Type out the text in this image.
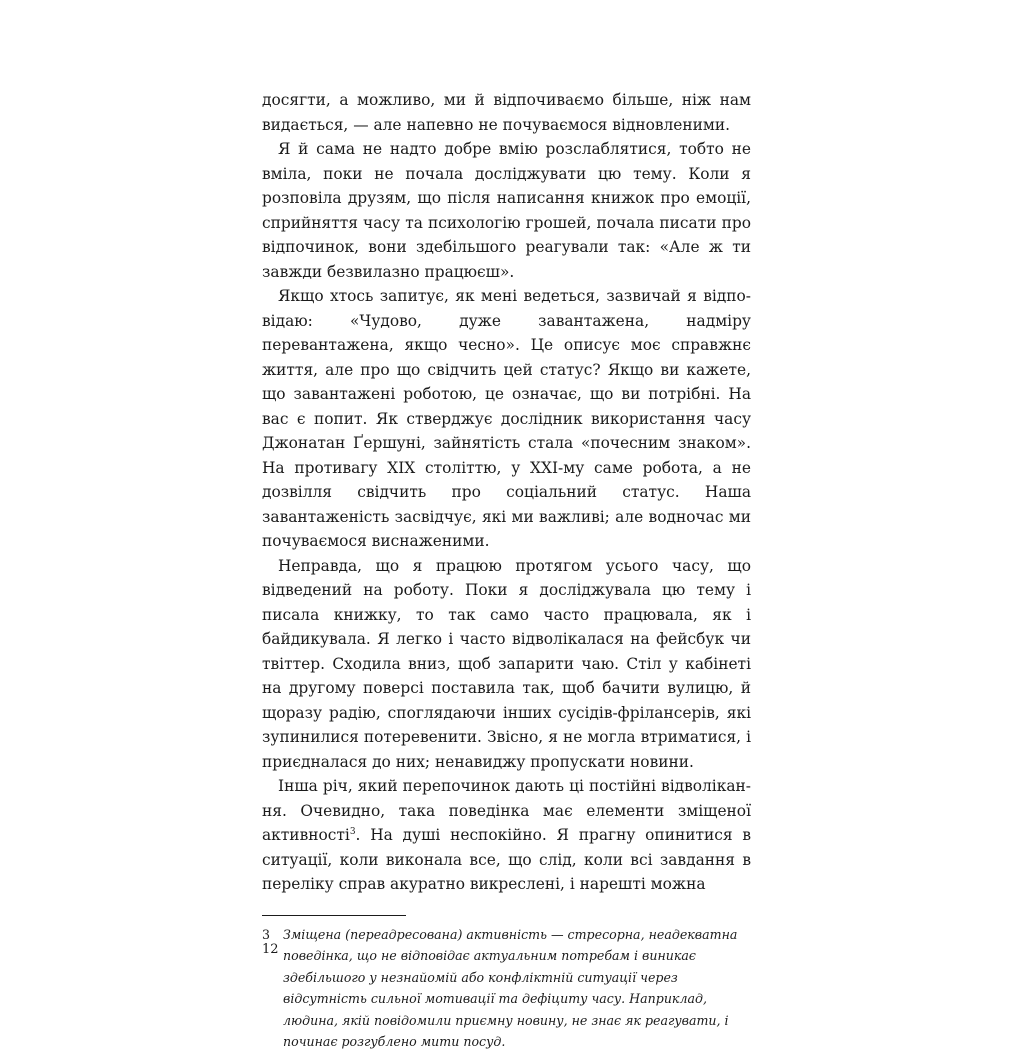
досягти, а можливо, ми й відпочиваємо більше, ніж нам видається, — але напевно не почуваємося відновленими.

Я й сама не надто добре вмію розслаблятися, тобто не вміла, поки не почала досліджувати цю тему. Коли я розповіла друзям, що після написання книжок про емоції, сприйняття часу та психологію грошей, почала писати про відпочинок, вони здебільшого реагували так: «Але ж ти завжди безвилазно працюєш».

Якщо хтось запитує, як мені ведеться, зазвичай я відповідаю: «Чудово, дуже завантажена, надміру перевантажена, якщо чесно». Це описує моє справжнє життя, але про що свідчить цей статус? Якщо ви кажете, що завантажені роботою, це означає, що ви потрібні. На вас є попит. Як стверджує дослідник використання часу Джонатан Ґершуні, зайнятість стала «почесним знаком». На противагу XIX століттю, у XXI-му саме робота, а не дозвілля свідчить про соціальний статус. Наша завантаженість засвідчує, які ми важливі; але водночас ми почуваємося виснаженими.

Неправда, що я працюю протягом усього часу, що відведений на роботу. Поки я досліджувала цю тему і писала книжку, то так само часто працювала, як і байдикувала. Я легко і часто відволікалася на фейсбук чи твіттер. Сходила вниз, щоб запарити чаю. Стіл у кабінеті на другому поверсі поставила так, щоб бачити вулицю, й щоразу радію, споглядаючи інших сусідів-фрілансерів, які зупинилися потеревенити. Звісно, я не могла втриматися, і приєдналася до них; ненавиджу пропускати новини.

Інша річ, який перепочинок дають ці постійні відволікання. Очевидно, така поведінка має елементи зміщеної активності$^3$. На душі неспокійно. Я прагну опинитися в ситуації, коли виконала все, що слід, коли всі завдання в переліку справ акуратно викреслені, і нарешті можна

3	Зміщена (переадресована) активність — стресорна, неадекватна поведінка, що не відповідає актуальним потребам і виникає здебільшого у незнайомій або конфліктній ситуації через відсутність сильної мотивації та дефіциту часу. Наприклад, людина, якій повідомили приємну новину, не знає як реагувати, і починає розгублено мити посуд.
12
